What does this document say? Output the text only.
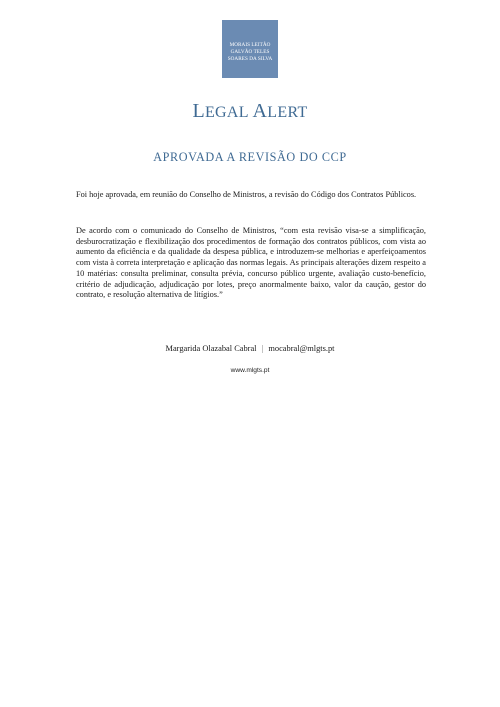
MORAIS LEITÃO
GALVÃO TELES
SOARES DA SILVA
LEGAL ALERT
APROVADA A REVISÃO DO CCP

Foi hoje aprovada, em reunião do Conselho de Ministros, a revisão do Código dos Contratos Públicos.

De acordo com o comunicado do Conselho de Ministros, “com esta revisão visa-se a simplificação, desburocratização e flexibilização dos procedimentos de formação dos contratos públicos, com vista ao aumento da eficiência e da qualidade da despesa pública, e introduzem-se melhorias e aperfeiçoamentos com vista à correta interpretação e aplicação das normas legais. As principais alterações dizem respeito a 10 matérias: consulta preliminar, consulta prévia, concurso público urgente, avaliação custo-benefício, critério de adjudicação, adjudicação por lotes, preço anormalmente baixo, valor da caução, gestor do contrato, e resolução alternativa de litígios.”

Margarida Olazabal Cabral | mocabral@mlgts.pt
www.mlgts.pt
